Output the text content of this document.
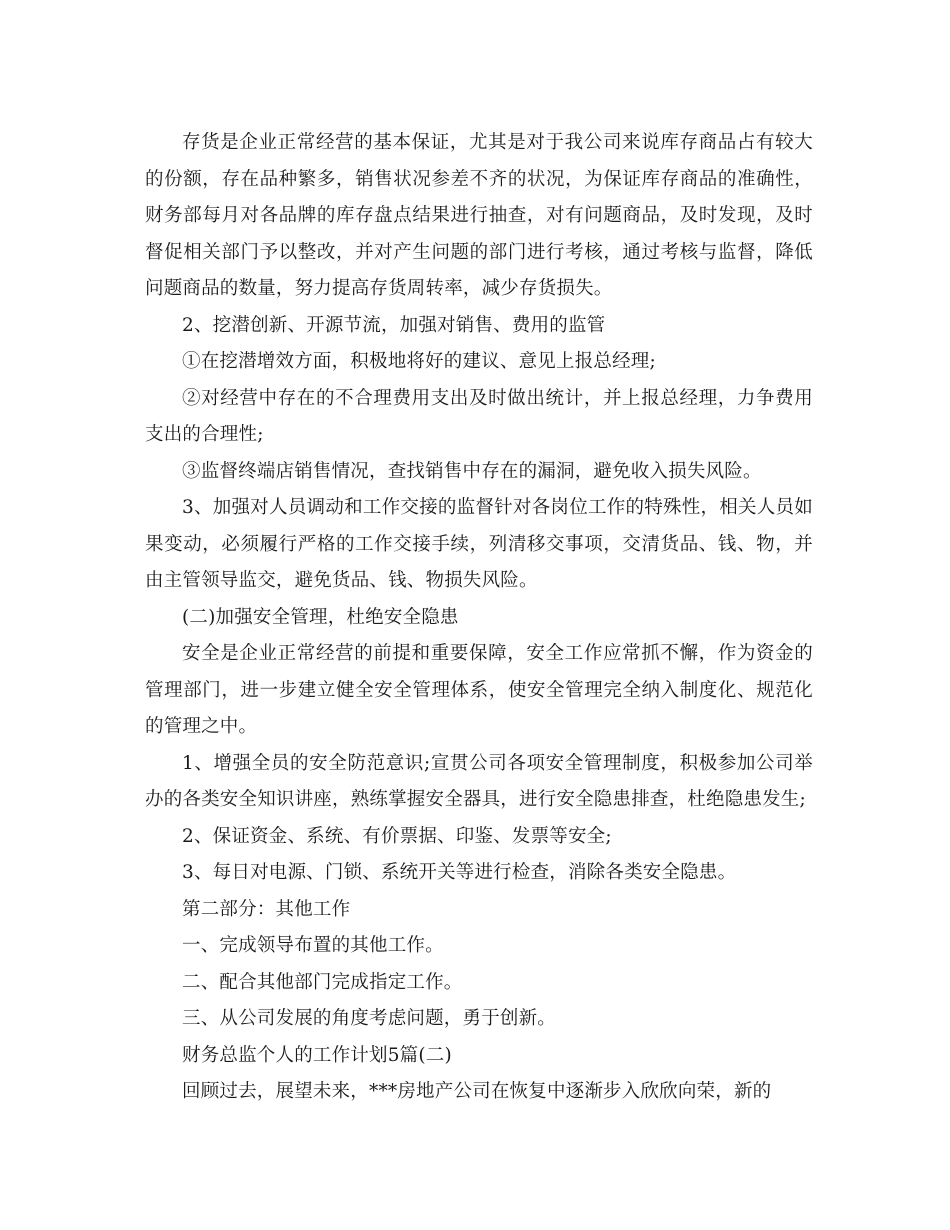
存货是企业正常经营的基本保证，尤其是对于我公司来说库存商品占有较大的份额，存在品种繁多，销售状况参差不齐的状况，为保证库存商品的准确性，财务部每月对各品牌的库存盘点结果进行抽查，对有问题商品，及时发现，及时督促相关部门予以整改，并对产生问题的部门进行考核，通过考核与监督，降低问题商品的数量，努力提高存货周转率，减少存货损失。

2、挖潜创新、开源节流，加强对销售、费用的监管

①在挖潜增效方面，积极地将好的建议、意见上报总经理;

②对经营中存在的不合理费用支出及时做出统计，并上报总经理，力争费用支出的合理性;

③监督终端店销售情况，查找销售中存在的漏洞，避免收入损失风险。

3、加强对人员调动和工作交接的监督针对各岗位工作的特殊性，相关人员如果变动，必须履行严格的工作交接手续，列清移交事项，交清货品、钱、物，并由主管领导监交，避免货品、钱、物损失风险。

(二)加强安全管理，杜绝安全隐患

安全是企业正常经营的前提和重要保障，安全工作应常抓不懈，作为资金的管理部门，进一步建立健全安全管理体系，使安全管理完全纳入制度化、规范化的管理之中。

1、增强全员的安全防范意识;宣贯公司各项安全管理制度，积极参加公司举办的各类安全知识讲座，熟练掌握安全器具，进行安全隐患排查，杜绝隐患发生;

2、保证资金、系统、有价票据、印鉴、发票等安全;

3、每日对电源、门锁、系统开关等进行检查，消除各类安全隐患。

第二部分：其他工作

一、完成领导布置的其他工作。

二、配合其他部门完成指定工作。

三、从公司发展的角度考虑问题，勇于创新。

财务总监个人的工作计划5篇(二)

回顾过去，展望未来，***房地产公司在恢复中逐渐步入欣欣向荣，新的
